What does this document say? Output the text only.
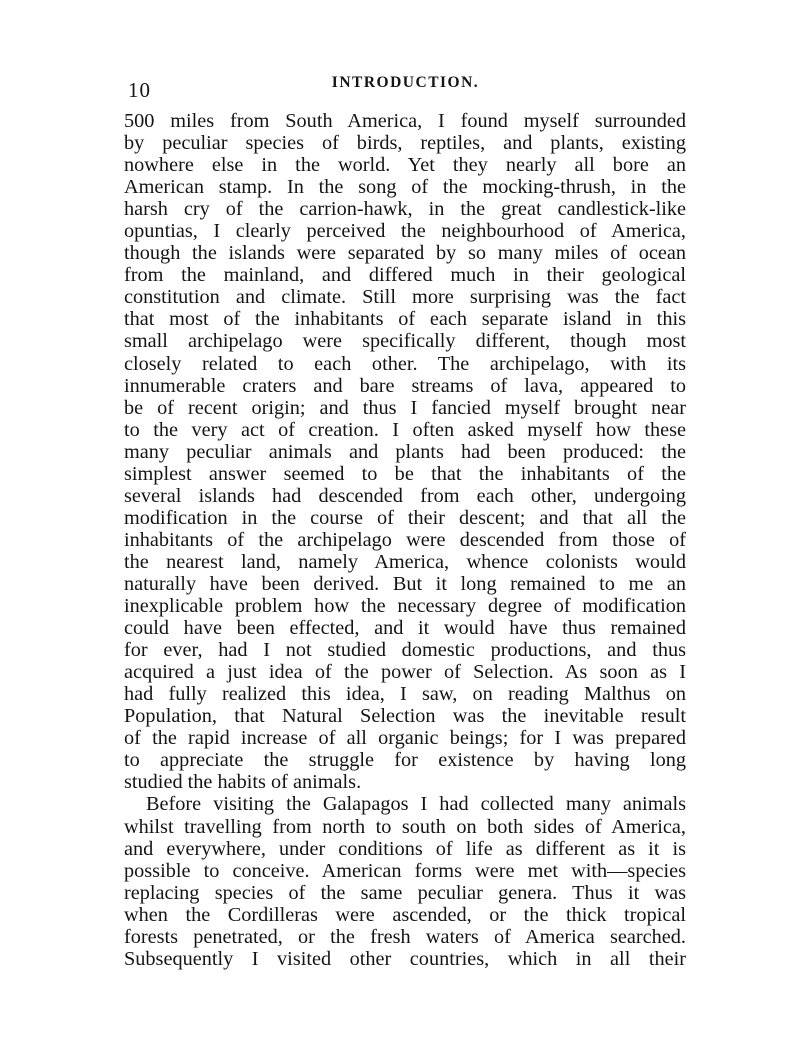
10	INTRODUCTION.
500 miles from South America, I found myself surrounded
by peculiar species of birds, reptiles, and plants, existing
nowhere else in the world. Yet they nearly all bore an
American stamp. In the song of the mocking-thrush, in the
harsh cry of the carrion-hawk, in the great candlestick-like
opuntias, I clearly perceived the neighbourhood of America,
though the islands were separated by so many miles of ocean
from the mainland, and differed much in their geological
constitution and climate. Still more surprising was the fact
that most of the inhabitants of each separate island in this
small archipelago were specifically different, though most
closely related to each other. The archipelago, with its
innumerable craters and bare streams of lava, appeared to
be of recent origin; and thus I fancied myself brought near
to the very act of creation. I often asked myself how these
many peculiar animals and plants had been produced: the
simplest answer seemed to be that the inhabitants of the
several islands had descended from each other, undergoing
modification in the course of their descent; and that all the
inhabitants of the archipelago were descended from those of
the nearest land, namely America, whence colonists would
naturally have been derived. But it long remained to me an
inexplicable problem how the necessary degree of modification
could have been effected, and it would have thus remained
for ever, had I not studied domestic productions, and thus
acquired a just idea of the power of Selection. As soon as I
had fully realized this idea, I saw, on reading Malthus on
Population, that Natural Selection was the inevitable result
of the rapid increase of all organic beings; for I was prepared
to appreciate the struggle for existence by having long
studied the habits of animals.
Before visiting the Galapagos I had collected many animals
whilst travelling from north to south on both sides of America,
and everywhere, under conditions of life as different as it is
possible to conceive. American forms were met with—species
replacing species of the same peculiar genera. Thus it was
when the Cordilleras were ascended, or the thick tropical
forests penetrated, or the fresh waters of America searched.
Subsequently I visited other countries, which in all their
